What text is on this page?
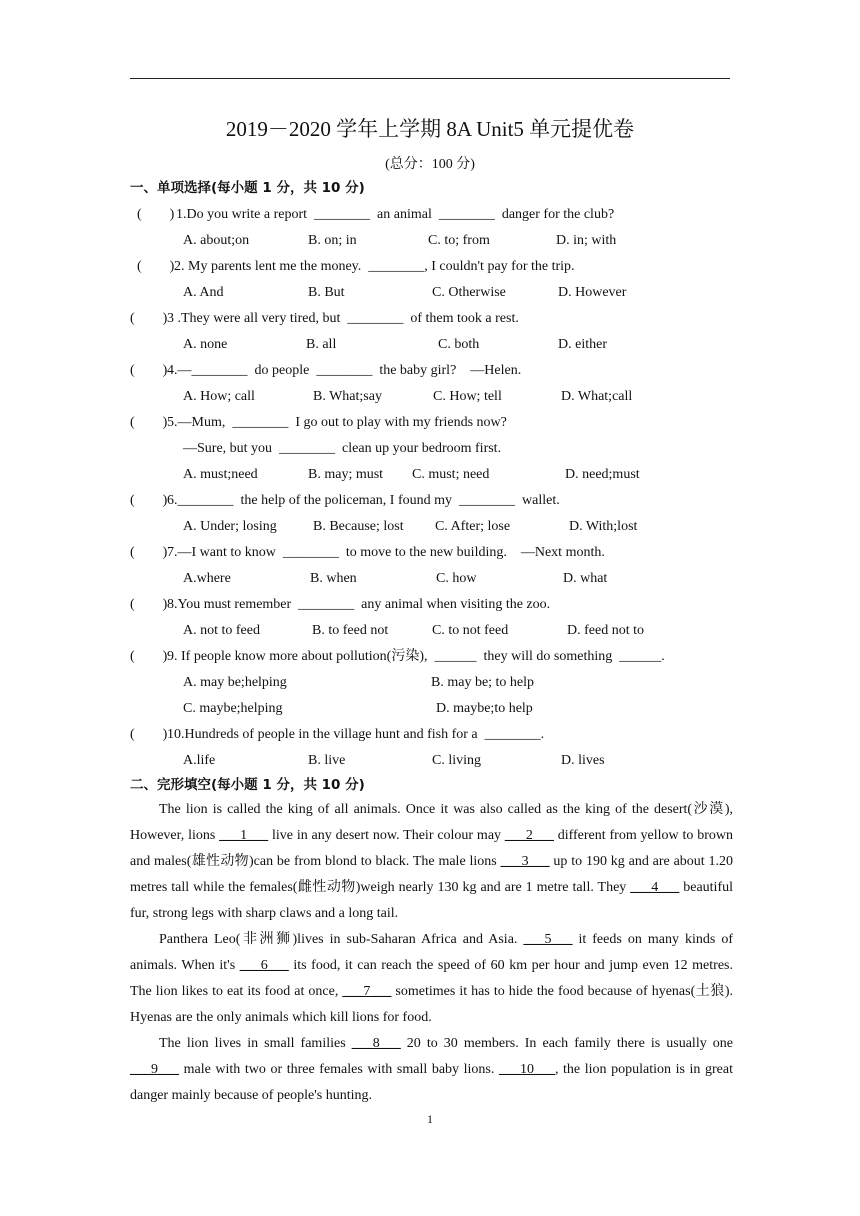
2019－2020 学年上学期 8A Unit5 单元提优卷
(总分：100 分)
一、单项选择(每小题 1 分，共 10 分)
(        ) 1.Do you write a report  ________  an animal  ________  danger for the club?
A. about;on	B. on; in	C. to; from	D. in; with
(        ) 2. My parents lent me the money.  ________, I couldn't pay for the trip.
A. And	B. But	C. Otherwise	D. However
(        ) 3 .They were all very tired, but  ________  of them took a rest.
A. none	B. all	C. both	D. either
(        ) 4.—________  do people  ________  the baby girl?    —Helen.
A. How; call	B. What;say	C. How; tell	D. What;call
(        ) 5.—Mum,  ________  I go out to play with my friends now?
—Sure, but you  ________  clean up your bedroom first.
A. must;need	B. may; must C. must; need	D. need;must
(        ) 6.________  the help of the policeman, I found my  ________  wallet.
A. Under; losing	B. Because; lost C. After; lose	D. With;lost
(        ) 7.—I want to know  ________  to move to the new building.    —Next month.
A.where	B. when	C. how	D. what
(        ) 8.You must remember  ________  any animal when visiting the zoo.
A. not to feed	B. to feed not	C. to not feed	D. feed not to
(        ) 9. If people know more about pollution(污染),  ______  they will do something  ______.
A. may be;helping	B. may be; to help
C. maybe;helping	D. maybe;to help
(        ) 10.Hundreds of people in the village hunt and fish for a  ________.
A.life	B. live	C. living	D. lives
二、完形填空(每小题 1 分，共 10 分)

The lion is called the king of all animals. Once it was also called as the king of the desert(沙漠), However, lions ___1___ live in any desert now. Their colour may ___2___ different from yellow to brown and males(雄性动物)can be from blond to black. The male lions ___3___ up to 190 kg and are about 1.20 metres tall while the females(雌性动物)weigh nearly 130 kg and are 1 metre tall. They ___4___ beautiful fur, strong legs with sharp claws and a long tail.

Panthera Leo(非洲狮)lives in sub-Saharan Africa and Asia. ___5___ it feeds on many kinds of animals. When it's ___6___ its food, it can reach the speed of 60 km per hour and jump even 12 metres. The lion likes to eat its food at once, ___7___ sometimes it has to hide the food because of hyenas(土狼). Hyenas are the only animals which kill lions for food.

The lion lives in small families ___8___ 20 to 30 members. In each family there is usually one ___9___ male with two or three females with small baby lions. ___10___, the lion population is in great danger mainly because of people's hunting.

1
